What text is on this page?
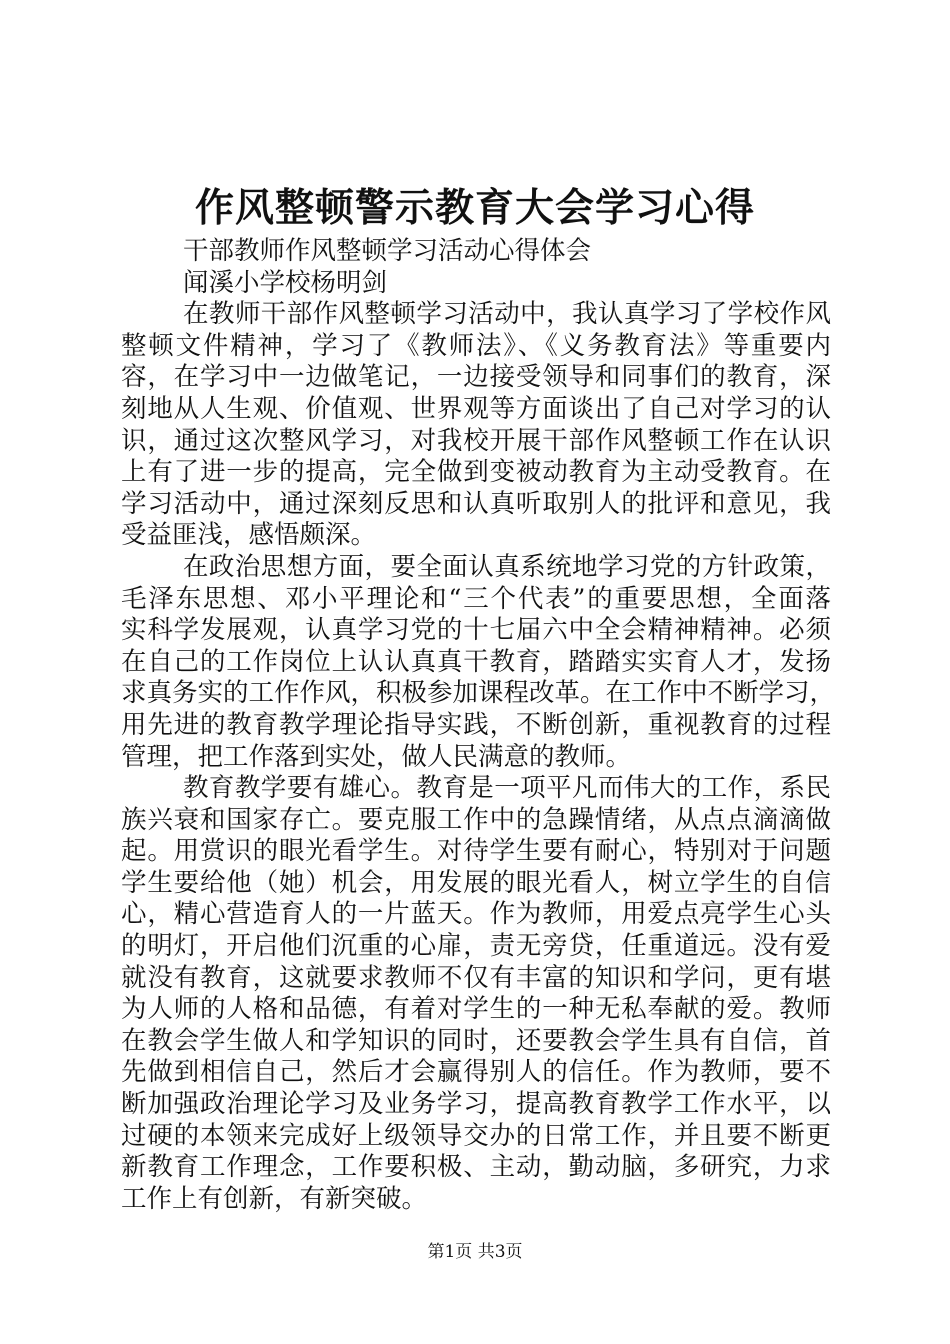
作风整顿警示教育大会学习心得
干部教师作风整顿学习活动心得体会
闻溪小学校杨明剑
在教师干部作风整顿学习活动中，我认真学习了学校作风
整顿文件精神，学习了《教师法》、《义务教育法》等重要内
容，在学习中一边做笔记，一边接受领导和同事们的教育，深
刻地从人生观、价值观、世界观等方面谈出了自己对学习的认
识，通过这次整风学习，对我校开展干部作风整顿工作在认识
上有了进一步的提高，完全做到变被动教育为主动受教育。在
学习活动中，通过深刻反思和认真听取别人的批评和意见，我
受益匪浅，感悟颇深。
在政治思想方面，要全面认真系统地学习党的方针政策，
毛泽东思想、邓小平理论和“三个代表”的重要思想，全面落
实科学发展观，认真学习党的十七届六中全会精神精神。必须
在自己的工作岗位上认认真真干教育，踏踏实实育人才，发扬
求真务实的工作作风，积极参加课程改革。在工作中不断学习，
用先进的教育教学理论指导实践，不断创新，重视教育的过程
管理，把工作落到实处，做人民满意的教师。
教育教学要有雄心。教育是一项平凡而伟大的工作，系民
族兴衰和国家存亡。要克服工作中的急躁情绪，从点点滴滴做
起。用赏识的眼光看学生。对待学生要有耐心，特别对于问题
学生要给他（她）机会，用发展的眼光看人，树立学生的自信
心，精心营造育人的一片蓝天。作为教师，用爱点亮学生心头
的明灯，开启他们沉重的心扉，责无旁贷，任重道远。没有爱
就没有教育，这就要求教师不仅有丰富的知识和学问，更有堪
为人师的人格和品德，有着对学生的一种无私奉献的爱。教师
在教会学生做人和学知识的同时，还要教会学生具有自信，首
先做到相信自己，然后才会赢得别人的信任。作为教师，要不
断加强政治理论学习及业务学习，提高教育教学工作水平，以
过硬的本领来完成好上级领导交办的日常工作，并且要不断更
新教育工作理念，工作要积极、主动，勤动脑，多研究，力求
工作上有创新，有新突破。
第1页 共3页
